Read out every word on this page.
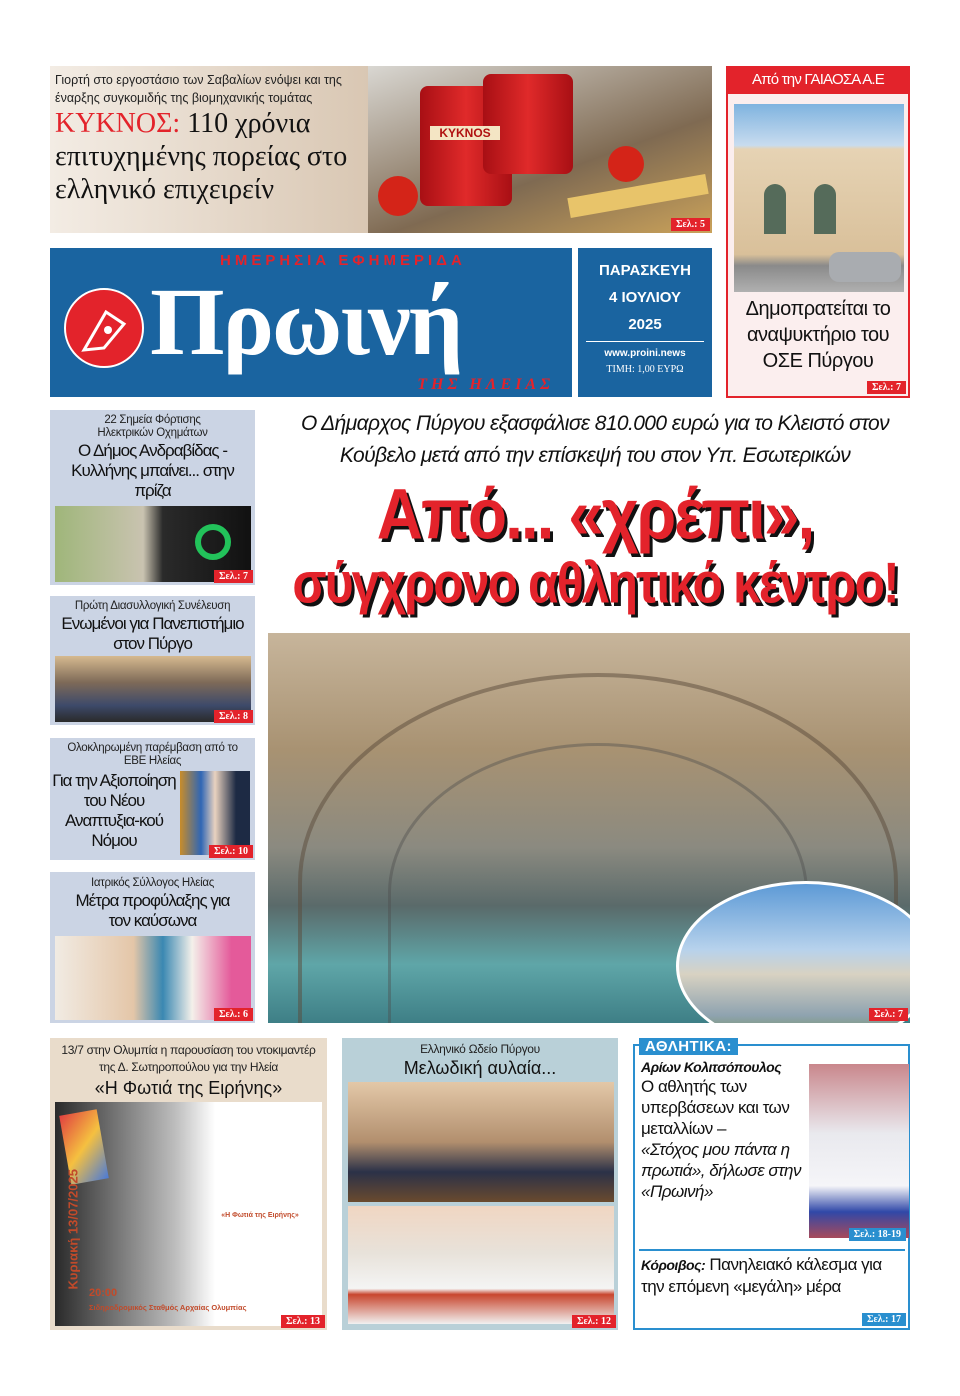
Γιορτή στο εργοστάσιο των Σαβαλίων ενόψει και της έναρξης συγκομιδής της βιομηχανικής τομάτας
ΚΥΚΝΟΣ: 110 χρόνια επιτυχημένης πορείας στο ελληνικό επιχειρείν
KYKNOS
Σελ.: 5
ΗΜΕΡΗΣΙΑ ΕΦΗΜΕΡΙΔΑ
Πρωινή
ΤΗΣ ΗΛΕΙΑΣ
ΠΑΡΑΣΚΕΥΗ
4 ΙΟΥΛΙΟΥ
2025
www.proini.news
ΤΙΜΗ: 1,00 ΕΥΡΩ
Από την ΓΑΙΑΟΣΑ Α.Ε
Δημοπρατείται το αναψυκτήριο του ΟΣΕ Πύργου
Σελ.: 7
22 Σημεία Φόρτισης Ηλεκτρικών Οχημάτων
Ο Δήμος Ανδραβίδας - Κυλλήνης μπαίνει... στην πρίζα
Σελ.: 7
Πρώτη Διασυλλογική Συνέλευση
Ενωμένοι για Πανεπιστήμιο στον Πύργο
Σελ.: 8
Ολοκληρωμένη παρέμβαση από το ΕΒΕ Ηλείας
Για την Αξιοποίηση του Νέου Αναπτυξια-κού Νόμου
Σελ.: 10
Ιατρικός Σύλλογος Ηλείας
Μέτρα προφύλαξης για τον καύσωνα
Σελ.: 6
Ο Δήμαρχος Πύργου εξασφάλισε 810.000 ευρώ για το Κλειστό στον Κούβελο μετά από την επίσκεψή του στον Υπ. Εσωτερικών
Από... «χρέπι»,
σύγχρονο αθλητικό κέντρο!
Σελ.: 7
13/7 στην Ολυμπία η παρουσίαση του ντοκιμαντέρ της Δ. Σωτηροπούλου για την Ηλεία
«Η Φωτιά της Ειρήνης»
Κυριακή 13/07/2025	«Η Φωτιά της Ειρήνης»
20:00
Σιδηροδρομικός Σταθμός Αρχαίας Ολυμπίας
Σελ.: 13
Ελληνικό Ωδείο Πύργου
Μελωδική αυλαία...
Σελ.: 12
ΑΘΛΗΤΙΚΑ:
Αρίων Κολιτσόπουλος
Ο αθλητής των υπερβάσεων και των μεταλλίων –
«Στόχος μου πάντα η πρωτιά», δήλωσε στην «Πρωινή»
Σελ.: 18-19
Κόροιβος: Πανηλειακό κάλεσμα για την επόμενη «μεγάλη» μέρα
Σελ.: 17
